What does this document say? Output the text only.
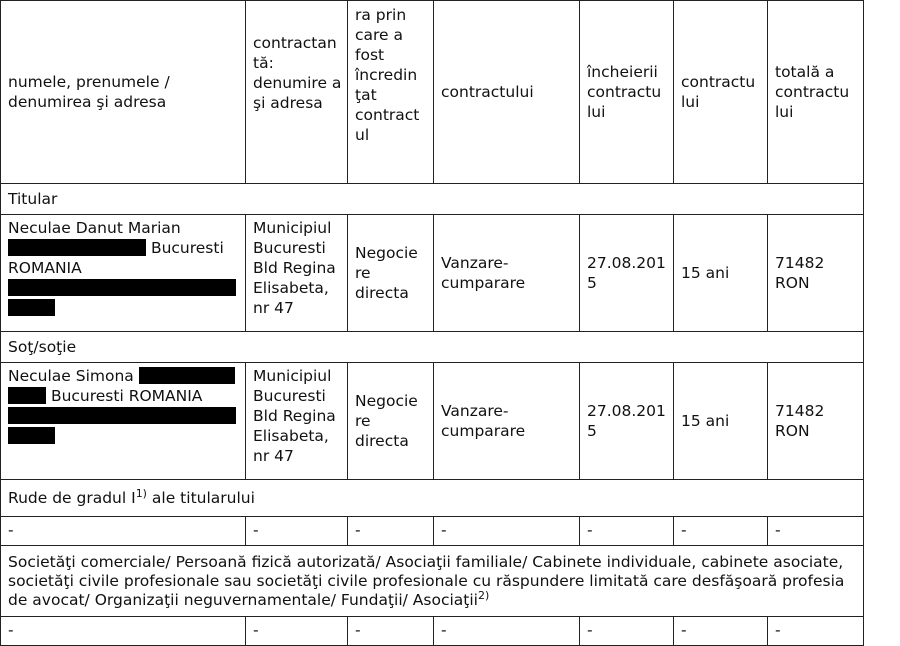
numele, prenumele / denumirea şi adresa	contractan tă: denumire a şi adresa	ra prin care a fost încredin ţat contract ul	contractului	încheierii contractu lui	contractu lui	totală a contractu lui

Titular						
Neculae Danut Marian
Bucuresti
ROMANIA	Municipiul Bucuresti Bld Regina Elisabeta, nr 47	Negocie re directa	Vanzare-cumparare	27.08.201 5	15 ani	71482 RON
Soţ/soţie						
Neculae Simona
Bucuresti ROMANIA	Municipiul Bucuresti Bld Regina Elisabeta, nr 47	Negocie re directa	Vanzare-cumparare	27.08.201 5	15 ani	71482 RON
Rude de gradul $I^{1)}$ ale titularului						
-	-	-	-	-	-	-
Societăţi comerciale/ Persoană fizică autorizată/ Asociaţii familiale/ Cabinete individuale, cabinete asociate, societăţi civile profesionale sau societăţi civile profesionale cu răspundere limitată care desfăşoară profesia de avocat/ Organizaţii neguvernamentale/ Fundaţii/ Asociaţii$^{2)}$
-	-	-	-	-	-	-
